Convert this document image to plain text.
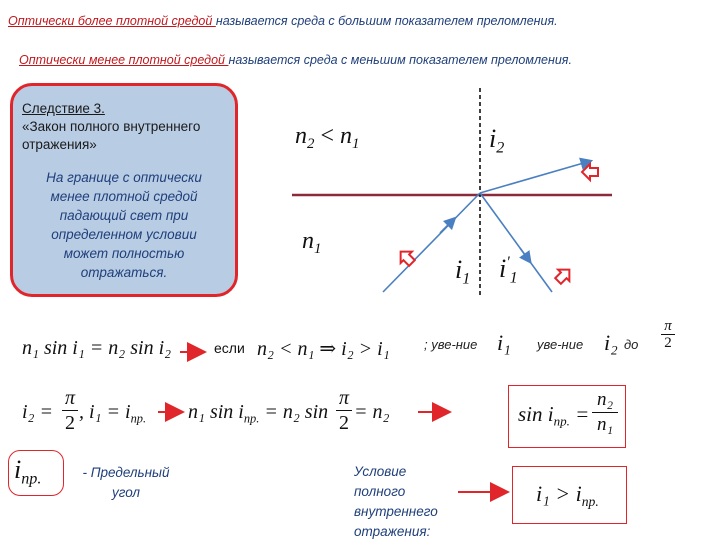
Оптически более плотной средой называется среда с большим показателем преломления.
Оптически менее плотной средой называется среда с меньшим показателем преломления.
Следствие 3.
«Закон полного внутреннего отражения»
На границе с оптически менее плотной средой падающий свет при определенном условии может полностью отражаться.
$n_2 < n_1$	$i_2$
$n_1$
$i_1$ $i'_1$
n₁ sin i₁ = n₂ sin i₂	если n₂ < n₁ ⇒ i₂ > i₁	; уве-ние i₁ уве-ние i₂ до
π
2
i₂ =
π
2 , $i_1 = i_{пр.}$ n₁ $\sin i_{пр.} = n_2$ sin
π
2 = n₂	$\sin i_{пр.}$ =
n₂
n₁
$i_{пр.}$	- Предельный
угол
Условие полного внутреннего отражения:
$i_1 > i_{пр.}$
